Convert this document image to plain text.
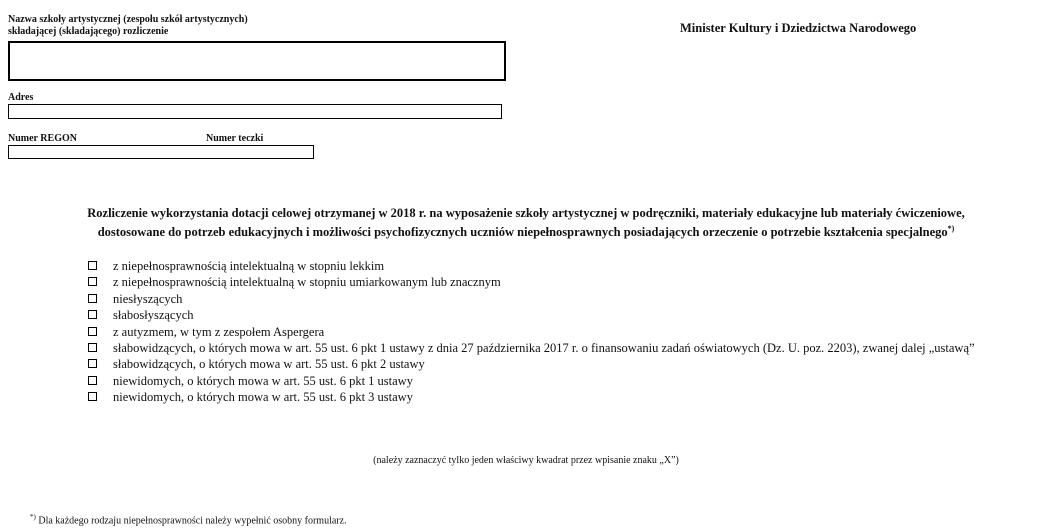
Nazwa szkoły artystycznej (zespołu szkół artystycznych)
składającej (składającego) rozliczenie
Adres
Numer REGON	Numer teczki
Minister Kultury i Dziedzictwa Narodowego
Rozliczenie wykorzystania dotacji celowej otrzymanej w 2018 r. na wyposażenie szkoły artystycznej w podręczniki, materiały edukacyjne lub materiały ćwiczeniowe,
dostosowane do potrzeb edukacyjnych i możliwości psychofizycznych uczniów niepełnosprawnych posiadających orzeczenie o potrzebie kształcenia specjalnego*)
z niepełnosprawnością intelektualną w stopniu lekkim
z niepełnosprawnością intelektualną w stopniu umiarkowanym lub znacznym
niesłyszących
słabosłyszących
z autyzmem, w tym z zespołem Aspergera
słabowidzących, o których mowa w art. 55 ust. 6 pkt 1 ustawy z dnia 27 października 2017 r. o finansowaniu zadań oświatowych (Dz. U. poz. 2203), zwanej dalej „ustawą”
słabowidzących, o których mowa w art. 55 ust. 6 pkt 2 ustawy
niewidomych, o których mowa w art. 55 ust. 6 pkt 1 ustawy
niewidomych, o których mowa w art. 55 ust. 6 pkt 3 ustawy
(należy zaznaczyć tylko jeden właściwy kwadrat przez wpisanie znaku „X”)
*) Dla każdego rodzaju niepełnosprawności należy wypełnić osobny formularz.
